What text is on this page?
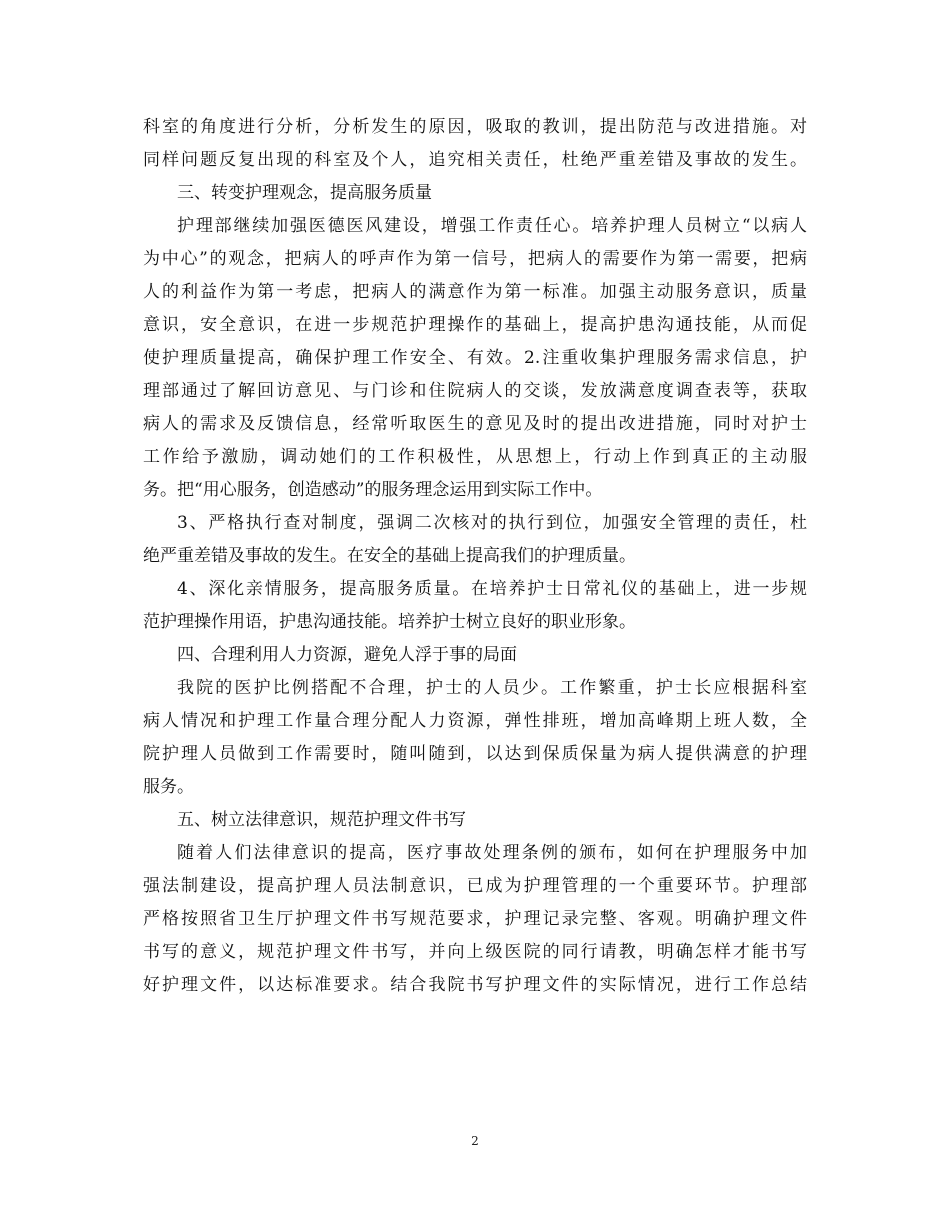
科室的角度进行分析，分析发生的原因，吸取的教训，提出防范与改进措施。对
同样问题反复出现的科室及个人，追究相关责任，杜绝严重差错及事故的发生。
三、转变护理观念，提高服务质量
护理部继续加强医德医风建设，增强工作责任心。培养护理人员树立“以病人
为中心”的观念，把病人的呼声作为第一信号，把病人的需要作为第一需要，把病
人的利益作为第一考虑，把病人的满意作为第一标准。加强主动服务意识，质量
意识，安全意识，在进一步规范护理操作的基础上，提高护患沟通技能，从而促
使护理质量提高，确保护理工作安全、有效。2.注重收集护理服务需求信息，护
理部通过了解回访意见、与门诊和住院病人的交谈，发放满意度调查表等，获取
病人的需求及反馈信息，经常听取医生的意见及时的提出改进措施，同时对护士
工作给予激励，调动她们的工作积极性，从思想上，行动上作到真正的主动服
务。把“用心服务，创造感动”的服务理念运用到实际工作中。
3、严格执行查对制度，强调二次核对的执行到位，加强安全管理的责任，杜
绝严重差错及事故的发生。在安全的基础上提高我们的护理质量。
4、深化亲情服务，提高服务质量。在培养护士日常礼仪的基础上，进一步规
范护理操作用语，护患沟通技能。培养护士树立良好的职业形象。
四、合理利用人力资源，避免人浮于事的局面
我院的医护比例搭配不合理，护士的人员少。工作繁重，护士长应根据科室
病人情况和护理工作量合理分配人力资源，弹性排班，增加高峰期上班人数，全
院护理人员做到工作需要时，随叫随到，以达到保质保量为病人提供满意的护理
服务。
五、树立法律意识，规范护理文件书写
随着人们法律意识的提高，医疗事故处理条例的颁布，如何在护理服务中加
强法制建设，提高护理人员法制意识，已成为护理管理的一个重要环节。护理部
严格按照省卫生厅护理文件书写规范要求，护理记录完整、客观。明确护理文件
书写的意义，规范护理文件书写，并向上级医院的同行请教，明确怎样才能书写
好护理文件，以达标准要求。结合我院书写护理文件的实际情况，进行工作总结
2
